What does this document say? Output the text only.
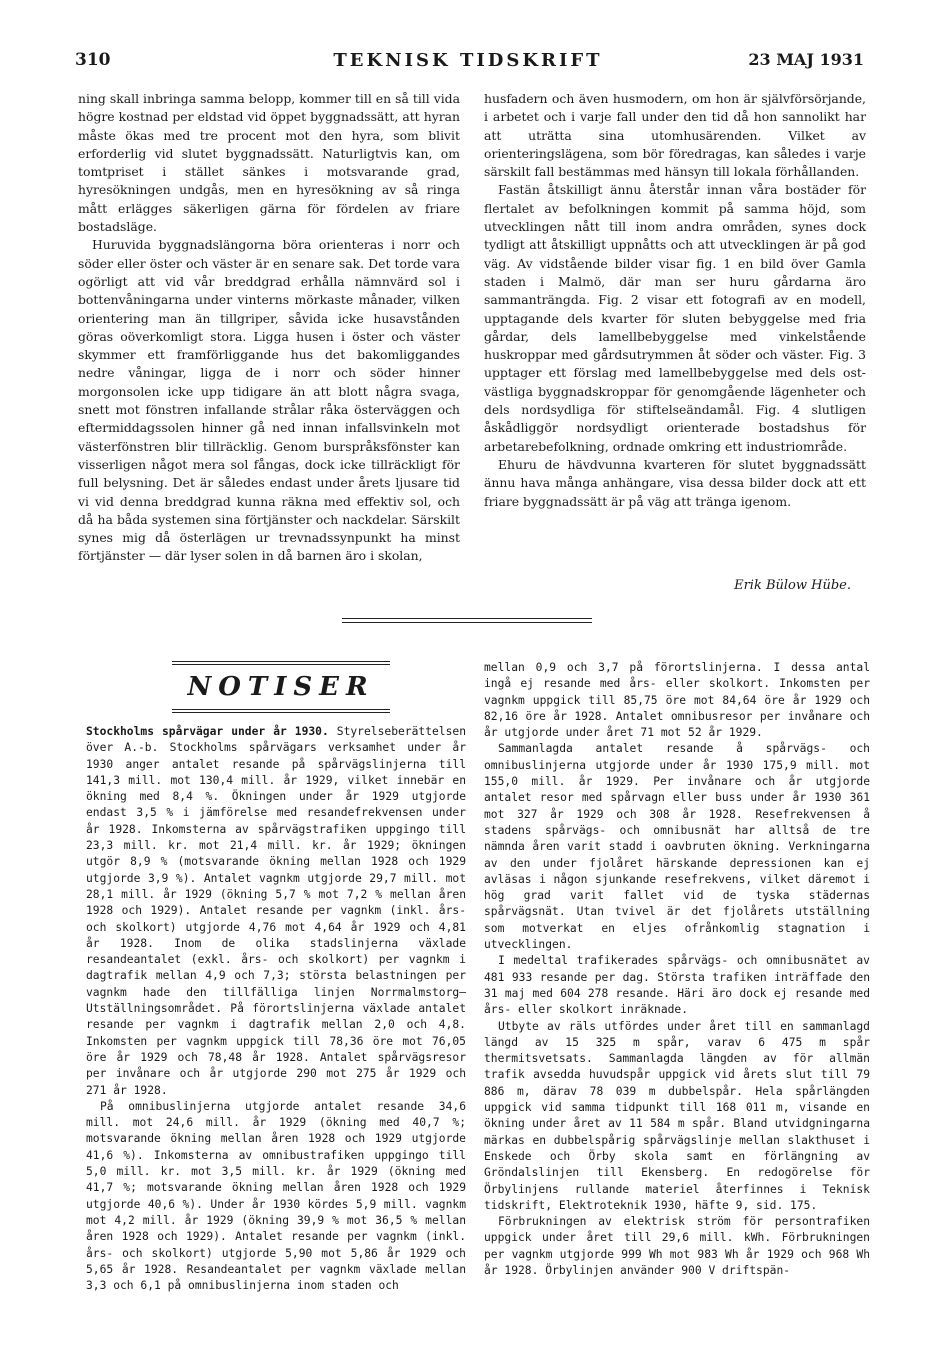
310	TEKNISK TIDSKRIFT	23 MAJ 1931

ning skall inbringa samma belopp, kommer till en så till vida högre kostnad per eldstad vid öppet byggnadssätt, att hyran måste ökas med tre procent mot den hyra, som blivit erforderlig vid slutet byggnadssätt. Naturligtvis kan, om tomtpriset i stället sänkes i motsvarande grad, hyresökningen undgås, men en hyresökning av så ringa mått erlägges säkerligen gärna för fördelen av friare bostadsläge.

Huruvida byggnadslängorna böra orienteras i norr och söder eller öster och väster är en senare sak. Det torde vara ogörligt att vid vår breddgrad erhålla nämnvärd sol i bottenvåningarna under vinterns mörkaste månader, vilken orientering man än tillgriper, såvida icke husavstånden göras oöverkomligt stora. Ligga husen i öster och väster skymmer ett framförliggande hus det bakomliggandes nedre våningar, ligga de i norr och söder hinner morgonsolen icke upp tidigare än att blott några svaga, snett mot fönstren infallande strålar råka österväggen och eftermiddagssolen hinner gå ned innan infallsvinkeln mot västerfönstren blir tillräcklig. Genom burspråksfönster kan visserligen något mera sol fångas, dock icke tillräckligt för full belysning. Det är således endast under årets ljusare tid vi vid denna breddgrad kunna räkna med effektiv sol, och då ha båda systemen sina förtjänster och nackdelar. Särskilt synes mig då österlägen ur trevnadssynpunkt ha minst förtjänster — där lyser solen in då barnen äro i skolan,

husfadern och även husmodern, om hon är självförsörjande, i arbetet och i varje fall under den tid då hon sannolikt har att uträtta sina utomhusärenden. Vilket av orienteringslägena, som bör föredragas, kan således i varje särskilt fall bestämmas med hänsyn till lokala förhållanden.

Fastän åtskilligt ännu återstår innan våra bostäder för flertalet av befolkningen kommit på samma höjd, som utvecklingen nått till inom andra områden, synes dock tydligt att åtskilligt uppnåtts och att utvecklingen är på god väg. Av vidstående bilder visar fig. 1 en bild över Gamla staden i Malmö, där man ser huru gårdarna äro sammanträngda. Fig. 2 visar ett fotografi av en modell, upptagande dels kvarter för sluten bebyggelse med fria gårdar, dels lamellbebyggelse med vinkelstående huskroppar med gårdsutrymmen åt söder och väster. Fig. 3 upptager ett förslag med lamellbebyggelse med dels ost-västliga byggnadskroppar för genomgående lägenheter och dels nordsydliga för stiftelseändamål. Fig. 4 slutligen åskådliggör nordsydligt orienterade bostadshus för arbetarebefolkning, ordnade omkring ett industriområde.

Ehuru de hävdvunna kvarteren för slutet byggnadssätt ännu hava många anhängare, visa dessa bilder dock att ett friare byggnadssätt är på väg att tränga igenom.

Erik Bülow Hübe.
NOTISER

Stockholms spårvägar under år 1930. Styrelseberättelsen över A.-b. Stockholms spårvägars verksamhet under år 1930 anger antalet resande på spårvägslinjerna till 141,3 mill. mot 130,4 mill. år 1929, vilket innebär en ökning med 8,4 %. Ökningen under år 1929 utgjorde endast 3,5 % i jämförelse med resandefrekvensen under år 1928. Inkomsterna av spårvägstrafiken uppgingo till 23,3 mill. kr. mot 21,4 mill. kr. år 1929; ökningen utgör 8,9 % (motsvarande ökning mellan 1928 och 1929 utgjorde 3,9 %). Antalet vagnkm utgjorde 29,7 mill. mot 28,1 mill. år 1929 (ökning 5,7 % mot 7,2 % mellan åren 1928 och 1929). Antalet resande per vagnkm (inkl. års- och skolkort) utgjorde 4,76 mot 4,64 år 1929 och 4,81 år 1928. Inom de olika stadslinjerna växlade resandeantalet (exkl. års- och skolkort) per vagnkm i dagtrafik mellan 4,9 och 7,3; största belastningen per vagnkm hade den tillfälliga linjen Norrmalmstorg—Utställningsområdet. På förortslinjerna växlade antalet resande per vagnkm i dagtrafik mellan 2,0 och 4,8. Inkomsten per vagnkm uppgick till 78,36 öre mot 76,05 öre år 1929 och 78,48 år 1928. Antalet spårvägsresor per invånare och år utgjorde 290 mot 275 år 1929 och 271 år 1928.

På omnibuslinjerna utgjorde antalet resande 34,6 mill. mot 24,6 mill. år 1929 (ökning med 40,7 %; motsvarande ökning mellan åren 1928 och 1929 utgjorde 41,6 %). Inkomsterna av omnibustrafiken uppgingo till 5,0 mill. kr. mot 3,5 mill. kr. år 1929 (ökning med 41,7 %; motsvarande ökning mellan åren 1928 och 1929 utgjorde 40,6 %). Under år 1930 kördes 5,9 mill. vagnkm mot 4,2 mill. år 1929 (ökning 39,9 % mot 36,5 % mellan åren 1928 och 1929). Antalet resande per vagnkm (inkl. års- och skolkort) utgjorde 5,90 mot 5,86 år 1929 och 5,65 år 1928. Resandeantalet per vagnkm växlade mellan 3,3 och 6,1 på omnibuslinjerna inom staden och

mellan 0,9 och 3,7 på förortslinjerna. I dessa antal ingå ej resande med års- eller skolkort. Inkomsten per vagnkm uppgick till 85,75 öre mot 84,64 öre år 1929 och 82,16 öre år 1928. Antalet omnibusresor per invånare och år utgjorde under året 71 mot 52 år 1929.

Sammanlagda antalet resande å spårvägs- och omnibuslinjerna utgjorde under år 1930 175,9 mill. mot 155,0 mill. år 1929. Per invånare och år utgjorde antalet resor med spårvagn eller buss under år 1930 361 mot 327 år 1929 och 308 år 1928. Resefrekvensen å stadens spårvägs- och omnibusnät har alltså de tre nämnda åren varit stadd i oavbruten ökning. Verkningarna av den under fjolåret härskande depressionen kan ej avläsas i någon sjunkande resefrekvens, vilket däremot i hög grad varit fallet vid de tyska städernas spårvägsnät. Utan tvivel är det fjolårets utställning som motverkat en eljes ofrånkomlig stagnation i utvecklingen.

I medeltal trafikerades spårvägs- och omnibusnätet av 481 933 resande per dag. Största trafiken inträffade den 31 maj med 604 278 resande. Häri äro dock ej resande med års- eller skolkort inräknade.

Utbyte av räls utfördes under året till en sammanlagd längd av 15 325 m spår, varav 6 475 m spår thermitsvetsats. Sammanlagda längden av för allmän trafik avsedda huvudspår uppgick vid årets slut till 79 886 m, därav 78 039 m dubbelspår. Hela spårlängden uppgick vid samma tidpunkt till 168 011 m, visande en ökning under året av 11 584 m spår. Bland utvidgningarna märkas en dubbelspårig spårvägslinje mellan slakthuset i Enskede och Örby skola samt en förlängning av Gröndalslinjen till Ekensberg. En redogörelse för Örbylinjens rullande materiel återfinnes i Teknisk tidskrift, Elektroteknik 1930, häfte 9, sid. 175.

Förbrukningen av elektrisk ström för persontrafiken uppgick under året till 29,6 mill. kWh. Förbrukningen per vagnkm utgjorde 999 Wh mot 983 Wh år 1929 och 968 Wh år 1928. Örbylinjen använder 900 V driftspän-
